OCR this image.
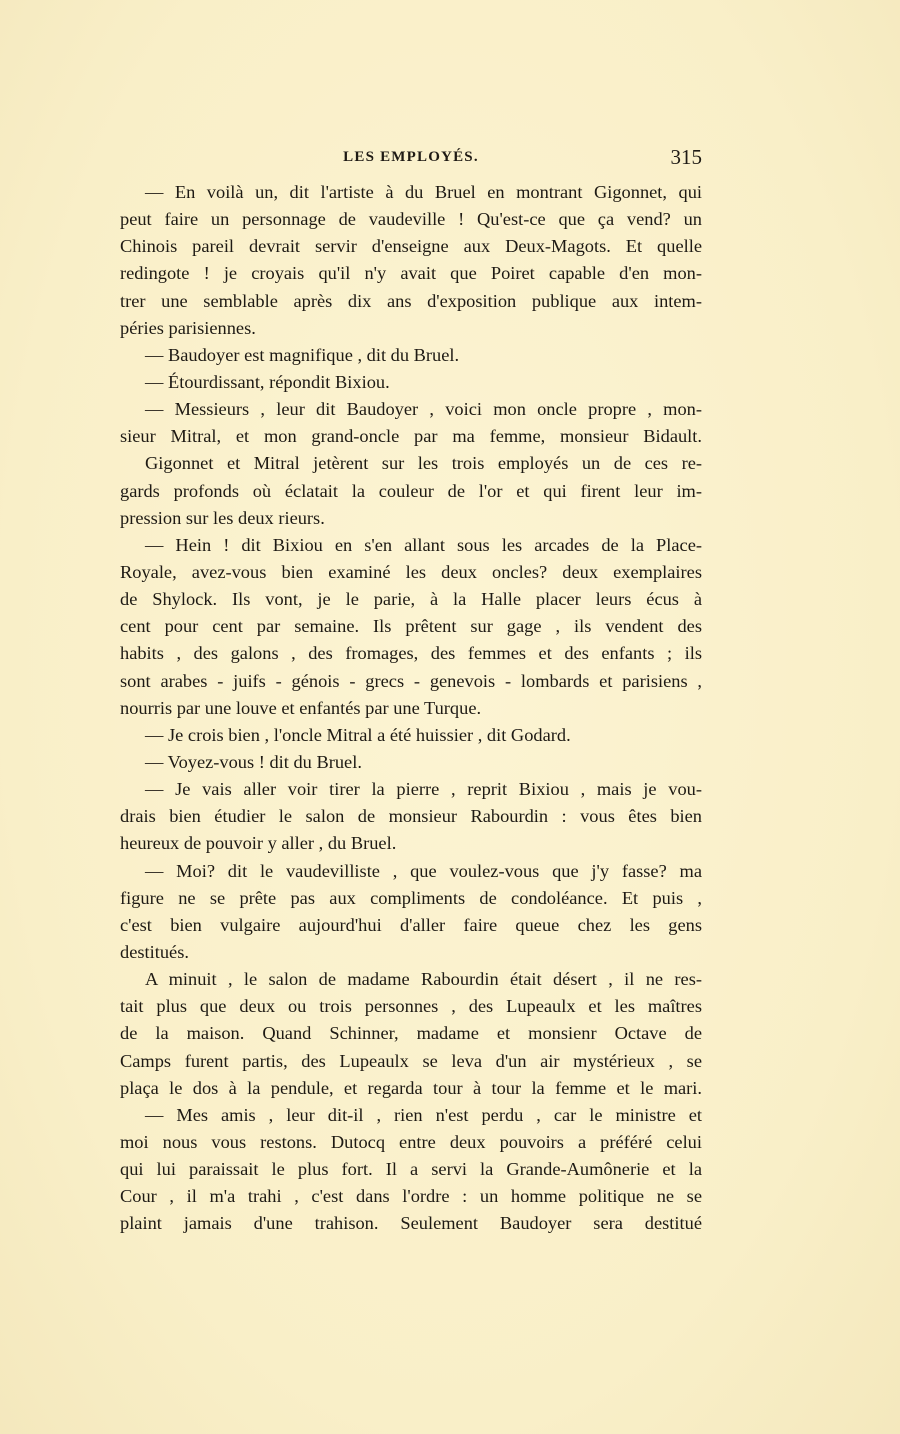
LES EMPLOYÉS.	315
— En voilà un, dit l'artiste à du Bruel en montrant Gigonnet, qui
peut faire un personnage de vaudeville ! Qu'est-ce que ça vend? un
Chinois pareil devrait servir d'enseigne aux Deux-Magots. Et quelle
redingote ! je croyais qu'il n'y avait que Poiret capable d'en mon-
trer une semblable après dix ans d'exposition publique aux intem-
péries parisiennes.
— Baudoyer est magnifique , dit du Bruel.
— Étourdissant, répondit Bixiou.
— Messieurs , leur dit Baudoyer , voici mon oncle propre , mon-
sieur Mitral, et mon grand-oncle par ma femme, monsieur Bidault.
Gigonnet et Mitral jetèrent sur les trois employés un de ces re-
gards profonds où éclatait la couleur de l'or et qui firent leur im-
pression sur les deux rieurs.
— Hein ! dit Bixiou en s'en allant sous les arcades de la Place-
Royale, avez-vous bien examiné les deux oncles? deux exemplaires
de Shylock. Ils vont, je le parie, à la Halle placer leurs écus à
cent pour cent par semaine. Ils prêtent sur gage , ils vendent des
habits , des galons , des fromages, des femmes et des enfants ; ils
sont arabes - juifs - génois - grecs - genevois - lombards et parisiens ,
nourris par une louve et enfantés par une Turque.
— Je crois bien , l'oncle Mitral a été huissier , dit Godard.
— Voyez-vous ! dit du Bruel.
— Je vais aller voir tirer la pierre , reprit Bixiou , mais je vou-
drais bien étudier le salon de monsieur Rabourdin : vous êtes bien
heureux de pouvoir y aller , du Bruel.
— Moi? dit le vaudevilliste , que voulez-vous que j'y fasse? ma
figure ne se prête pas aux compliments de condoléance. Et puis ,
c'est bien vulgaire aujourd'hui d'aller faire queue chez les gens
destitués.
A minuit , le salon de madame Rabourdin était désert , il ne res-
tait plus que deux ou trois personnes , des Lupeaulx et les maîtres
de la maison. Quand Schinner, madame et monsienr Octave de
Camps furent partis, des Lupeaulx se leva d'un air mystérieux , se
plaça le dos à la pendule, et regarda tour à tour la femme et le mari.
— Mes amis , leur dit-il , rien n'est perdu , car le ministre et
moi nous vous restons. Dutocq entre deux pouvoirs a préféré celui
qui lui paraissait le plus fort. Il a servi la Grande-Aumônerie et la
Cour , il m'a trahi , c'est dans l'ordre : un homme politique ne se
plaint jamais d'une trahison. Seulement Baudoyer sera destitué
